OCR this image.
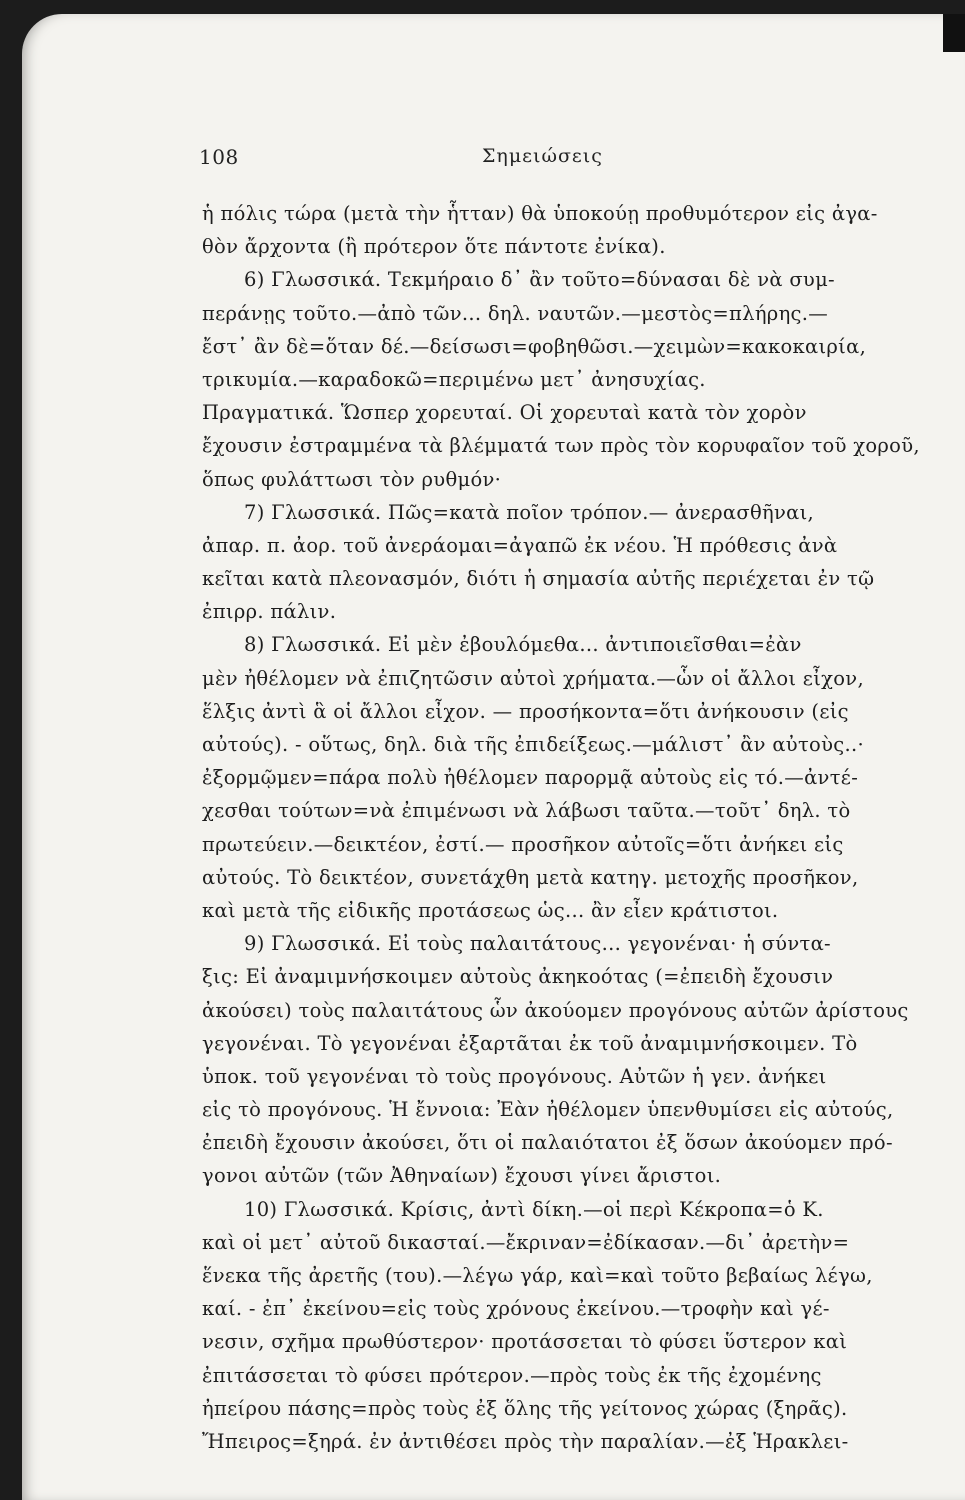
108	Σημειώσεις
ἡ πόλις τώρα (μετὰ τὴν ἧτταν) θὰ ὑποκούῃ προθυμότερον εἰς ἀγα-
θὸν ἄρχοντα (ἢ πρότερον ὅτε πάντοτε ἐνίκα).
6) Γλωσσικά. Τεκμήραιο δ᾽ ἂν τοῦτο=δύνασαι δὲ νὰ συμ-
περάνῃς τοῦτο.—ἀπὸ τῶν... δηλ. ναυτῶν.—μεστὸς=πλήρης.—
ἔστ᾽ ἂν δὲ=ὅταν δέ.—δείσωσι=φοβηθῶσι.—χειμὼν=κακοκαιρία,
τρικυμία.—καραδοκῶ=περιμένω μετ᾽ ἀνησυχίας.
Πραγματικά. Ὥσπερ χορευταί. Οἱ χορευταὶ κατὰ τὸν χορὸν
ἔχουσιν ἐστραμμένα τὰ βλέμματά των πρὸς τὸν κορυφαῖον τοῦ χοροῦ,
ὅπως φυλάττωσι τὸν ρυθμόν·
7) Γλωσσικά. Πῶς=κατὰ ποῖον τρόπον.— ἀνερασθῆναι,
ἀπαρ. π. ἀορ. τοῦ ἀνεράομαι=ἀγαπῶ ἐκ νέου. Ἡ πρόθεσις ἀνὰ
κεῖται κατὰ πλεονασμόν, διότι ἡ σημασία αὐτῆς περιέχεται ἐν τῷ
ἐπιρρ. πάλιν.
8) Γλωσσικά. Εἰ μὲν ἐβουλόμεθα... ἀντιποιεῖσθαι=ἐὰν
μὲν ἠθέλομεν νὰ ἐπιζητῶσιν αὐτοὶ χρήματα.—ὧν οἱ ἄλλοι εἶχον,
ἕλξις ἀντὶ ἃ οἱ ἄλλοι εἶχον. — προσήκοντα=ὅτι ἀνήκουσιν (εἰς
αὐτούς). - οὕτως, δηλ. διὰ τῆς ἐπιδείξεως.—μάλιστ᾽ ἂν αὐτοὺς..·
ἐξορμῷμεν=πάρα πολὺ ἠθέλομεν παρορμᾷ αὐτοὺς εἰς τό.—ἀντέ-
χεσθαι τούτων=νὰ ἐπιμένωσι νὰ λάβωσι ταῦτα.—τοῦτ᾽ δηλ. τὸ
πρωτεύειν.—δεικτέον, ἐστί.— προσῆκον αὐτοῖς=ὅτι ἀνήκει εἰς
αὐτούς. Τὸ δεικτέον, συνετάχθη μετὰ κατηγ. μετοχῆς προσῆκον,
καὶ μετὰ τῆς εἰδικῆς προτάσεως ὡς... ἂν εἶεν κράτιστοι.
9) Γλωσσικά. Εἰ τοὺς παλαιτάτους... γεγονέναι· ἡ σύντα-
ξις: Εἰ ἀναμιμνήσκοιμεν αὐτοὺς ἀκηκοότας (=ἐπειδὴ ἔχουσιν
ἀκούσει) τοὺς παλαιτάτους ὧν ἀκούομεν προγόνους αὐτῶν ἀρίστους
γεγονέναι. Τὸ γεγονέναι ἐξαρτᾶται ἐκ τοῦ ἀναμιμνήσκοιμεν. Τὸ
ὑποκ. τοῦ γεγονέναι τὸ τοὺς προγόνους. Αὐτῶν ἡ γεν. ἀνήκει
εἰς τὸ προγόνους. Ἡ ἔννοια: Ἐὰν ἠθέλομεν ὑπενθυμίσει εἰς αὐτούς,
ἐπειδὴ ἔχουσιν ἀκούσει, ὅτι οἱ παλαιότατοι ἐξ ὅσων ἀκούομεν πρό-
γονοι αὐτῶν (τῶν Ἀθηναίων) ἔχουσι γίνει ἄριστοι.
10) Γλωσσικά. Κρίσις, ἀντὶ δίκη.—οἱ περὶ Κέκροπα=ὁ Κ.
καὶ οἱ μετ᾽ αὐτοῦ δικασταί.—ἔκριναν=ἐδίκασαν.—δι᾽ ἀρετὴν=
ἕνεκα τῆς ἀρετῆς (του).—λέγω γάρ, καὶ=καὶ τοῦτο βεβαίως λέγω,
καί. - ἐπ᾽ ἐκείνου=εἰς τοὺς χρόνους ἐκείνου.—τροφὴν καὶ γέ-
νεσιν, σχῆμα πρωθύστερον· προτάσσεται τὸ φύσει ὕστερον καὶ
ἐπιτάσσεται τὸ φύσει πρότερον.—πρὸς τοὺς ἐκ τῆς ἐχομένης
ἠπείρου πάσης=πρὸς τοὺς ἐξ ὅλης τῆς γείτονος χώρας (ξηρᾶς).
Ἤπειρος=ξηρά. ἐν ἀντιθέσει πρὸς τὴν παραλίαν.—ἐξ Ἡρακλει-
